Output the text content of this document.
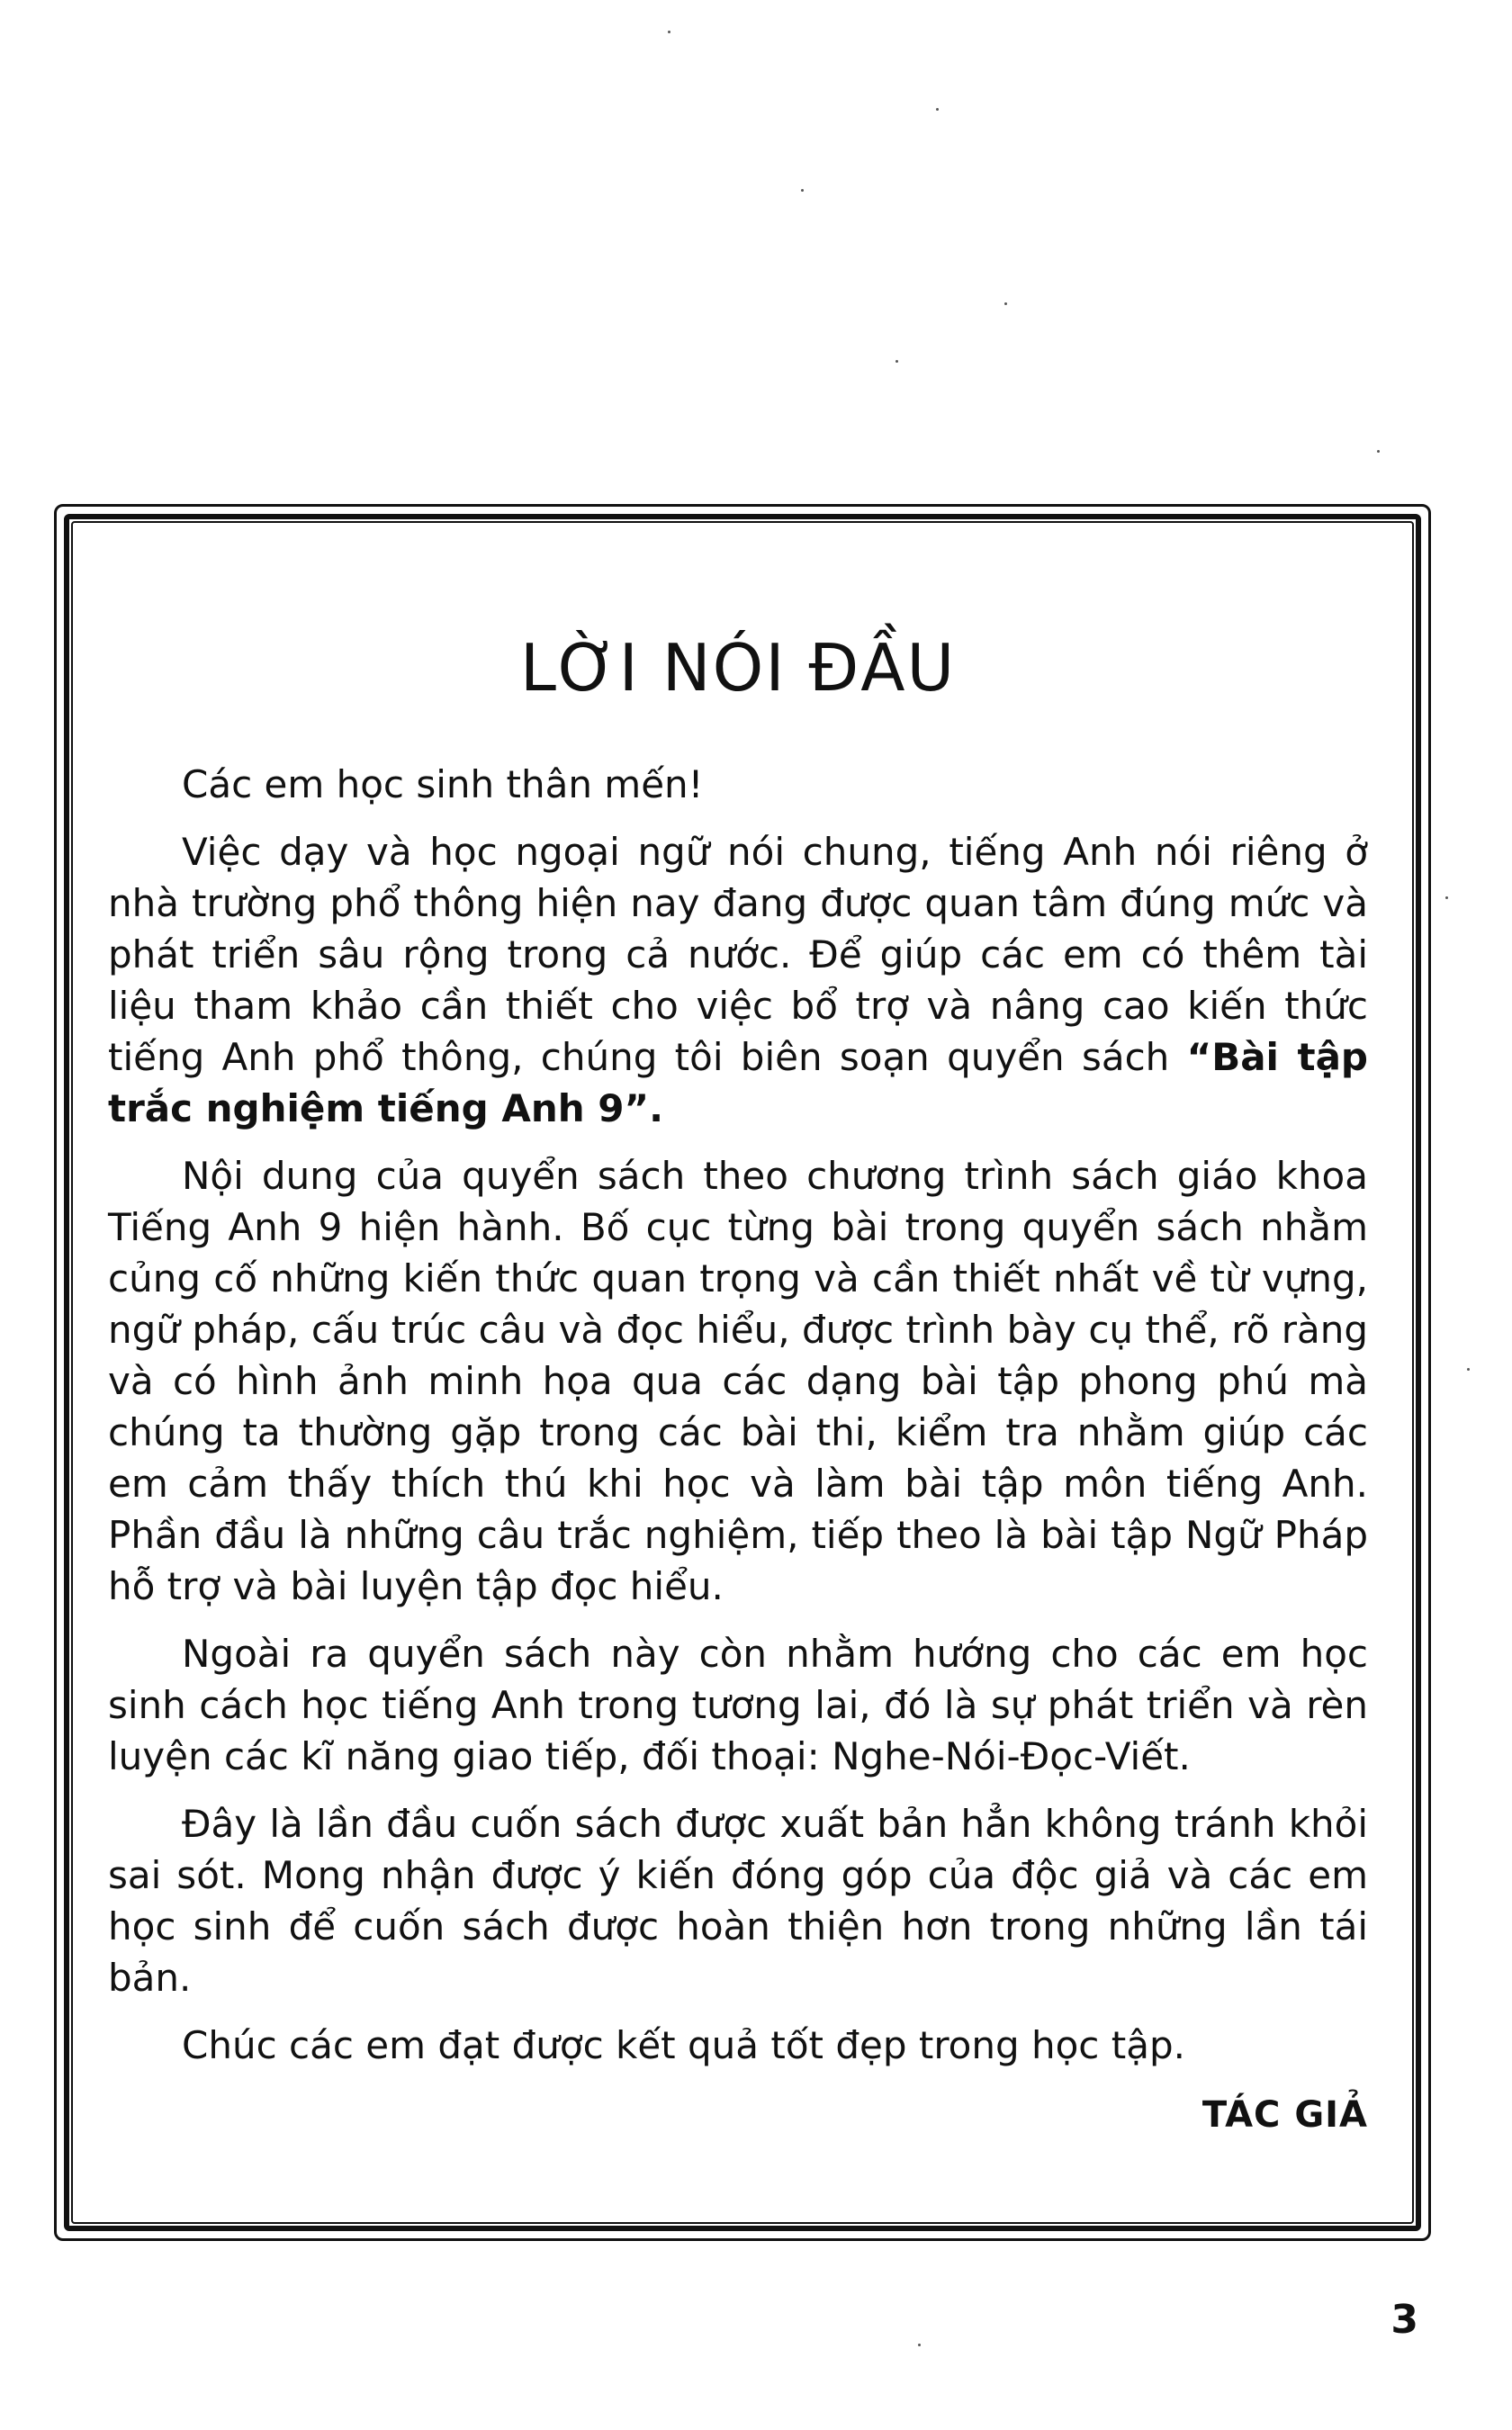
LỜI NÓI ĐẦU

Các em học sinh thân mến!

Việc dạy và học ngoại ngữ nói chung, tiếng Anh nói riêng ở nhà trường phổ thông hiện nay đang được quan tâm đúng mức và phát triển sâu rộng trong cả nước. Để giúp các em có thêm tài liệu tham khảo cần thiết cho việc bổ trợ và nâng cao kiến thức tiếng Anh phổ thông, chúng tôi biên soạn quyển sách “Bài tập trắc nghiệm tiếng Anh 9”.

Nội dung của quyển sách theo chương trình sách giáo khoa Tiếng Anh 9 hiện hành. Bố cục từng bài trong quyển sách nhằm củng cố những kiến thức quan trọng và cần thiết nhất về từ vựng, ngữ pháp, cấu trúc câu và đọc hiểu, được trình bày cụ thể, rõ ràng và có hình ảnh minh họa qua các dạng bài tập phong phú mà chúng ta thường gặp trong các bài thi, kiểm tra nhằm giúp các em cảm thấy thích thú khi học và làm bài tập môn tiếng Anh. Phần đầu là những câu trắc nghiệm, tiếp theo là bài tập Ngữ Pháp hỗ trợ và bài luyện tập đọc hiểu.

Ngoài ra quyển sách này còn nhằm hướng cho các em học sinh cách học tiếng Anh trong tương lai, đó là sự phát triển và rèn luyện các kĩ năng giao tiếp, đối thoại: Nghe-Nói-Đọc-Viết.

Đây là lần đầu cuốn sách được xuất bản hẳn không tránh khỏi sai sót. Mong nhận được ý kiến đóng góp của độc giả và các em học sinh để cuốn sách được hoàn thiện hơn trong những lần tái bản.

Chúc các em đạt được kết quả tốt đẹp trong học tập.

TÁC GIẢ
3
